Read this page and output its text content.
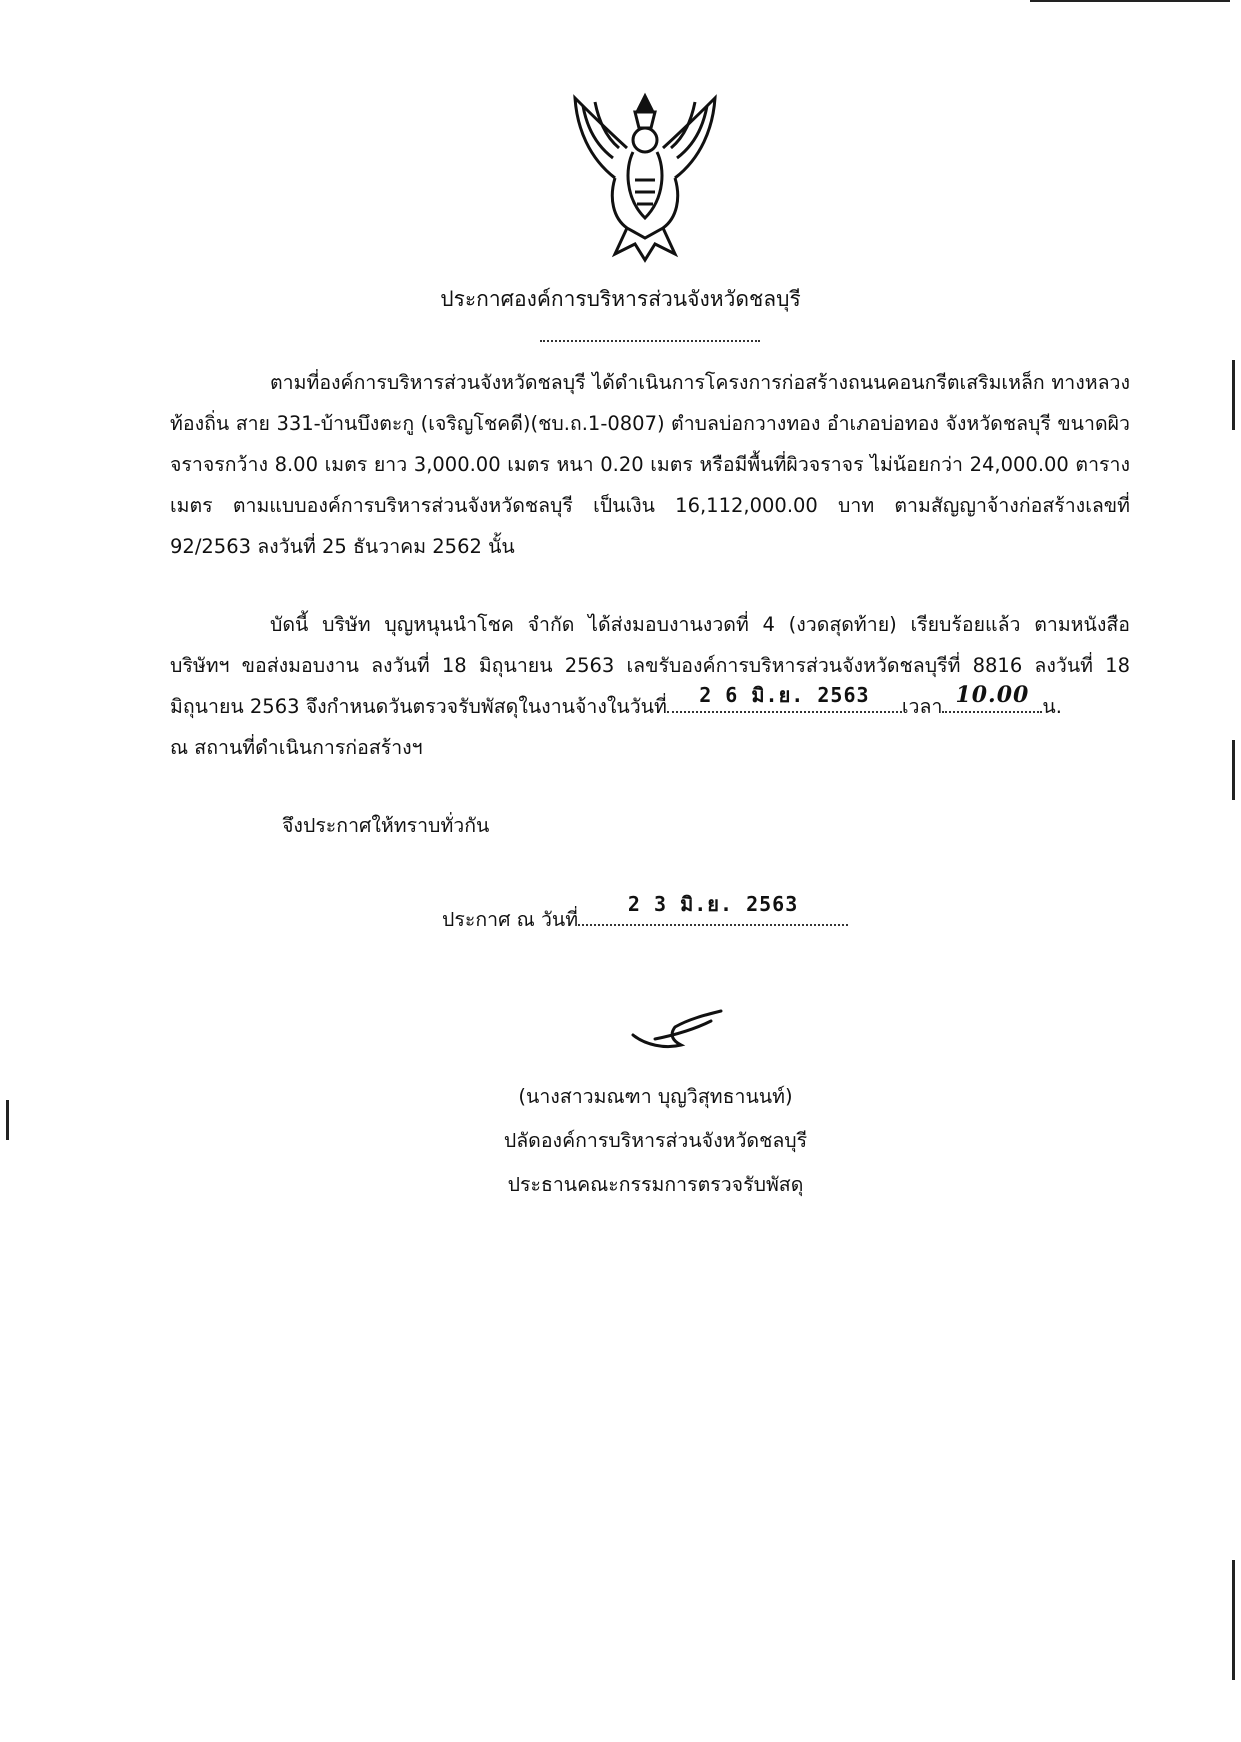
ประกาศองค์การบริหารส่วนจังหวัดชลบุรี
ตามที่องค์การบริหารส่วนจังหวัดชลบุรี ได้ดำเนินการโครงการก่อสร้างถนนคอนกรีตเสริมเหล็ก ทางหลวงท้องถิ่น สาย 331-บ้านบึงตะกู (เจริญโชคดี)(ชบ.ถ.1-0807) ตำบลบ่อกวางทอง อำเภอบ่อทอง จังหวัดชลบุรี ขนาดผิวจราจรกว้าง 8.00 เมตร ยาว 3,000.00 เมตร หนา 0.20 เมตร หรือมีพื้นที่ผิวจราจร ไม่น้อยกว่า 24,000.00 ตารางเมตร ตามแบบองค์การบริหารส่วนจังหวัดชลบุรี เป็นเงิน 16,112,000.00 บาท ตามสัญญาจ้างก่อสร้างเลขที่ 92/2563 ลงวันที่ 25 ธันวาคม 2562 นั้น
บัดนี้ บริษัท บุญหนุนนำโชค จำกัด ได้ส่งมอบงานงวดที่ 4 (งวดสุดท้าย) เรียบร้อยแล้ว ตามหนังสือ บริษัทฯ ขอส่งมอบงาน ลงวันที่ 18 มิถุนายน 2563 เลขรับองค์การบริหารส่วนจังหวัดชลบุรีที่ 8816 ลงวันที่ 18 มิถุนายน 2563 จึงกำหนดวันตรวจรับพัสดุในงานจ้างในวันที่	2 6 มิ.ย. 2563	เวลา 10.00 น.
ณ สถานที่ดำเนินการก่อสร้างฯ
จึงประกาศให้ทราบทั่วกัน
ประกาศ ณ วันที่
2 3 มิ.ย. 2563
(นางสาวมณฑา บุญวิสุทธานนท์)
ปลัดองค์การบริหารส่วนจังหวัดชลบุรี
ประธานคณะกรรมการตรวจรับพัสดุ
